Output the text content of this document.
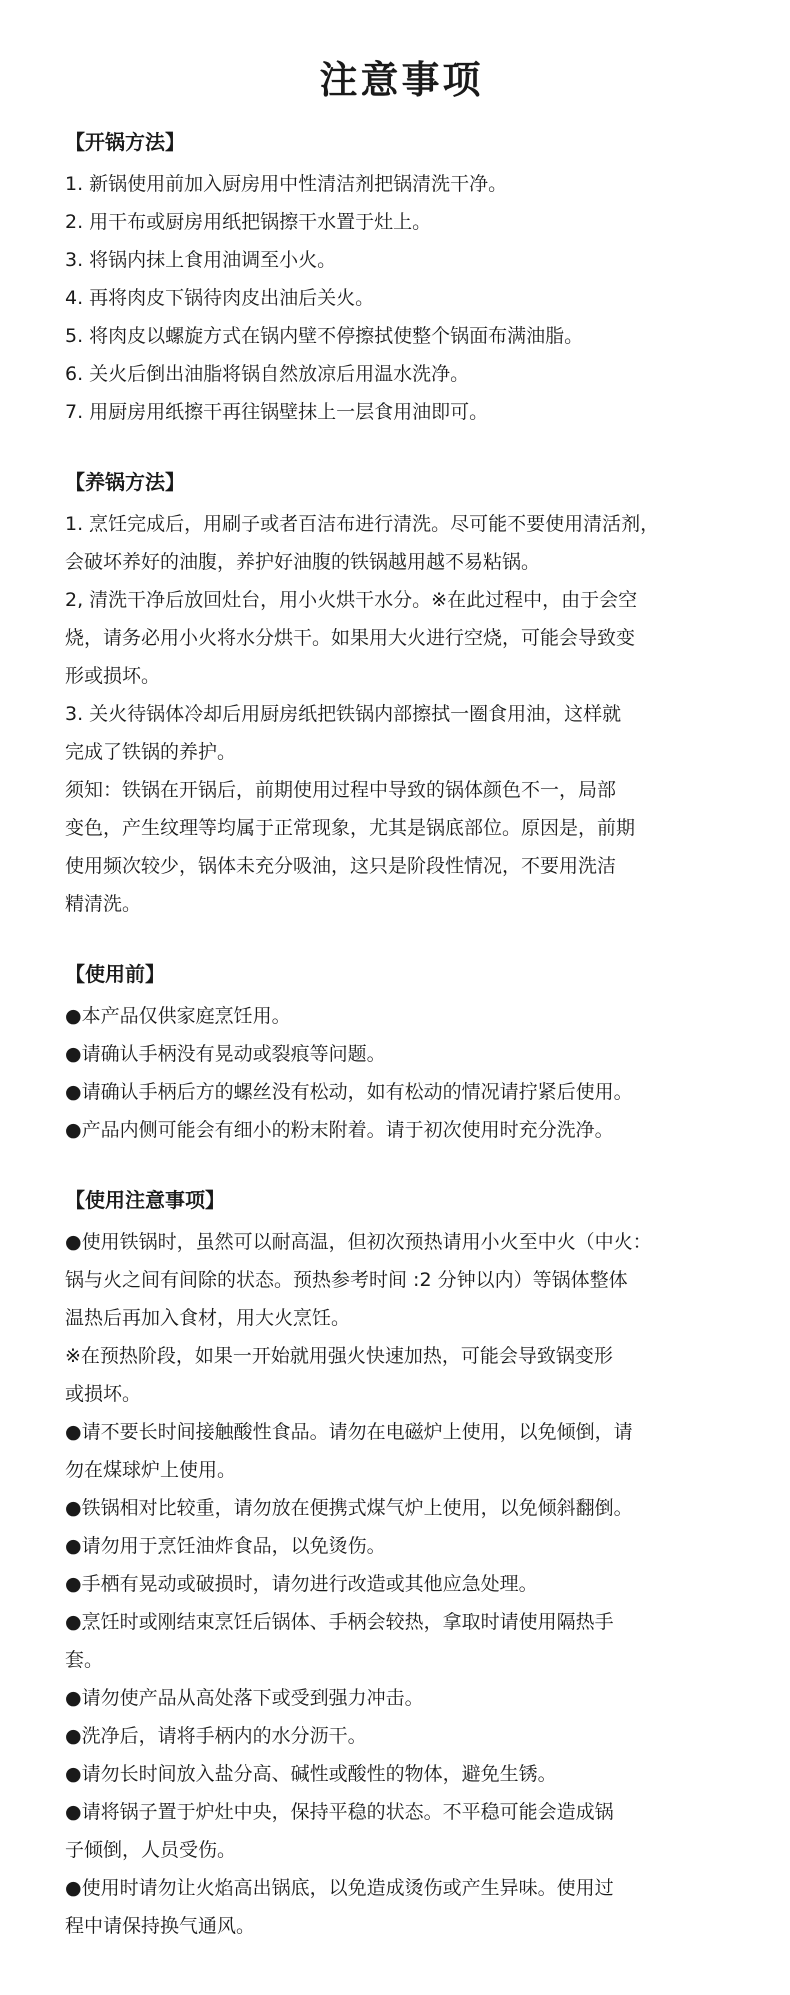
注意事项
【开锅方法】
1. 新锅使用前加入厨房用中性清洁剂把锅清洗干净。
2. 用干布或厨房用纸把锅擦干水置于灶上。
3. 将锅内抹上食用油调至小火。
4. 再将肉皮下锅待肉皮出油后关火。
5. 将肉皮以螺旋方式在锅内壁不停擦拭使整个锅面布满油脂。
6. 关火后倒出油脂将锅自然放凉后用温水洗净。
7. 用厨房用纸擦干再往锅壁抹上一层食用油即可。
【养锅方法】
1. 烹饪完成后，用刷子或者百洁布进行清洗。尽可能不要使用清活剂，
会破坏养好的油腹，养护好油腹的铁锅越用越不易粘锅。
2, 清洗干净后放回灶台，用小火烘干水分。※在此过程中，由于会空
烧，请务必用小火将水分烘干。如果用大火进行空烧，可能会导致变
形或损坏。
3. 关火待锅体冷却后用厨房纸把铁锅内部擦拭一圈食用油，这样就
完成了铁锅的养护。
须知：铁锅在开锅后，前期使用过程中导致的锅体颜色不一，局部
变色，产生纹理等均属于正常现象，尤其是锅底部位。原因是，前期
使用频次较少，锅体未充分吸油，这只是阶段性情况，不要用洗洁
精清洗。
【使用前】
●本产品仅供家庭烹饪用。
●请确认手柄没有晃动或裂痕等问题。
●请确认手柄后方的螺丝没有松动，如有松动的情况请拧紧后使用。
●产品内侧可能会有细小的粉末附着。请于初次使用时充分洗净。
【使用注意事项】
●使用铁锅时，虽然可以耐高温，但初次预热请用小火至中火（中火：
锅与火之间有间除的状态。预热参考时间 :2 分钟以内）等锅体整体
温热后再加入食材，用大火烹饪。
※在预热阶段，如果一开始就用强火快速加热，可能会导致锅变形
或损坏。
●请不要长时间接触酸性食品。请勿在电磁炉上使用，以免倾倒，请
勿在煤球炉上使用。
●铁锅相对比较重，请勿放在便携式煤气炉上使用，以免倾斜翻倒。
●请勿用于烹饪油炸食品，以免烫伤。
●手栖有晃动或破损时，请勿进行改造或其他应急处理。
●烹饪时或刚结束烹饪后锅体、手柄会较热，拿取时请使用隔热手
套。
●请勿使产品从高处落下或受到强力冲击。
●洗净后，请将手柄内的水分沥干。
●请勿长时间放入盐分高、碱性或酸性的物体，避免生锈。
●请将锅子置于炉灶中央，保持平稳的状态。不平稳可能会造成锅
子倾倒，人员受伤。
●使用时请勿让火焰高出锅底，以免造成烫伤或产生异味。使用过
程中请保持换气通风。
